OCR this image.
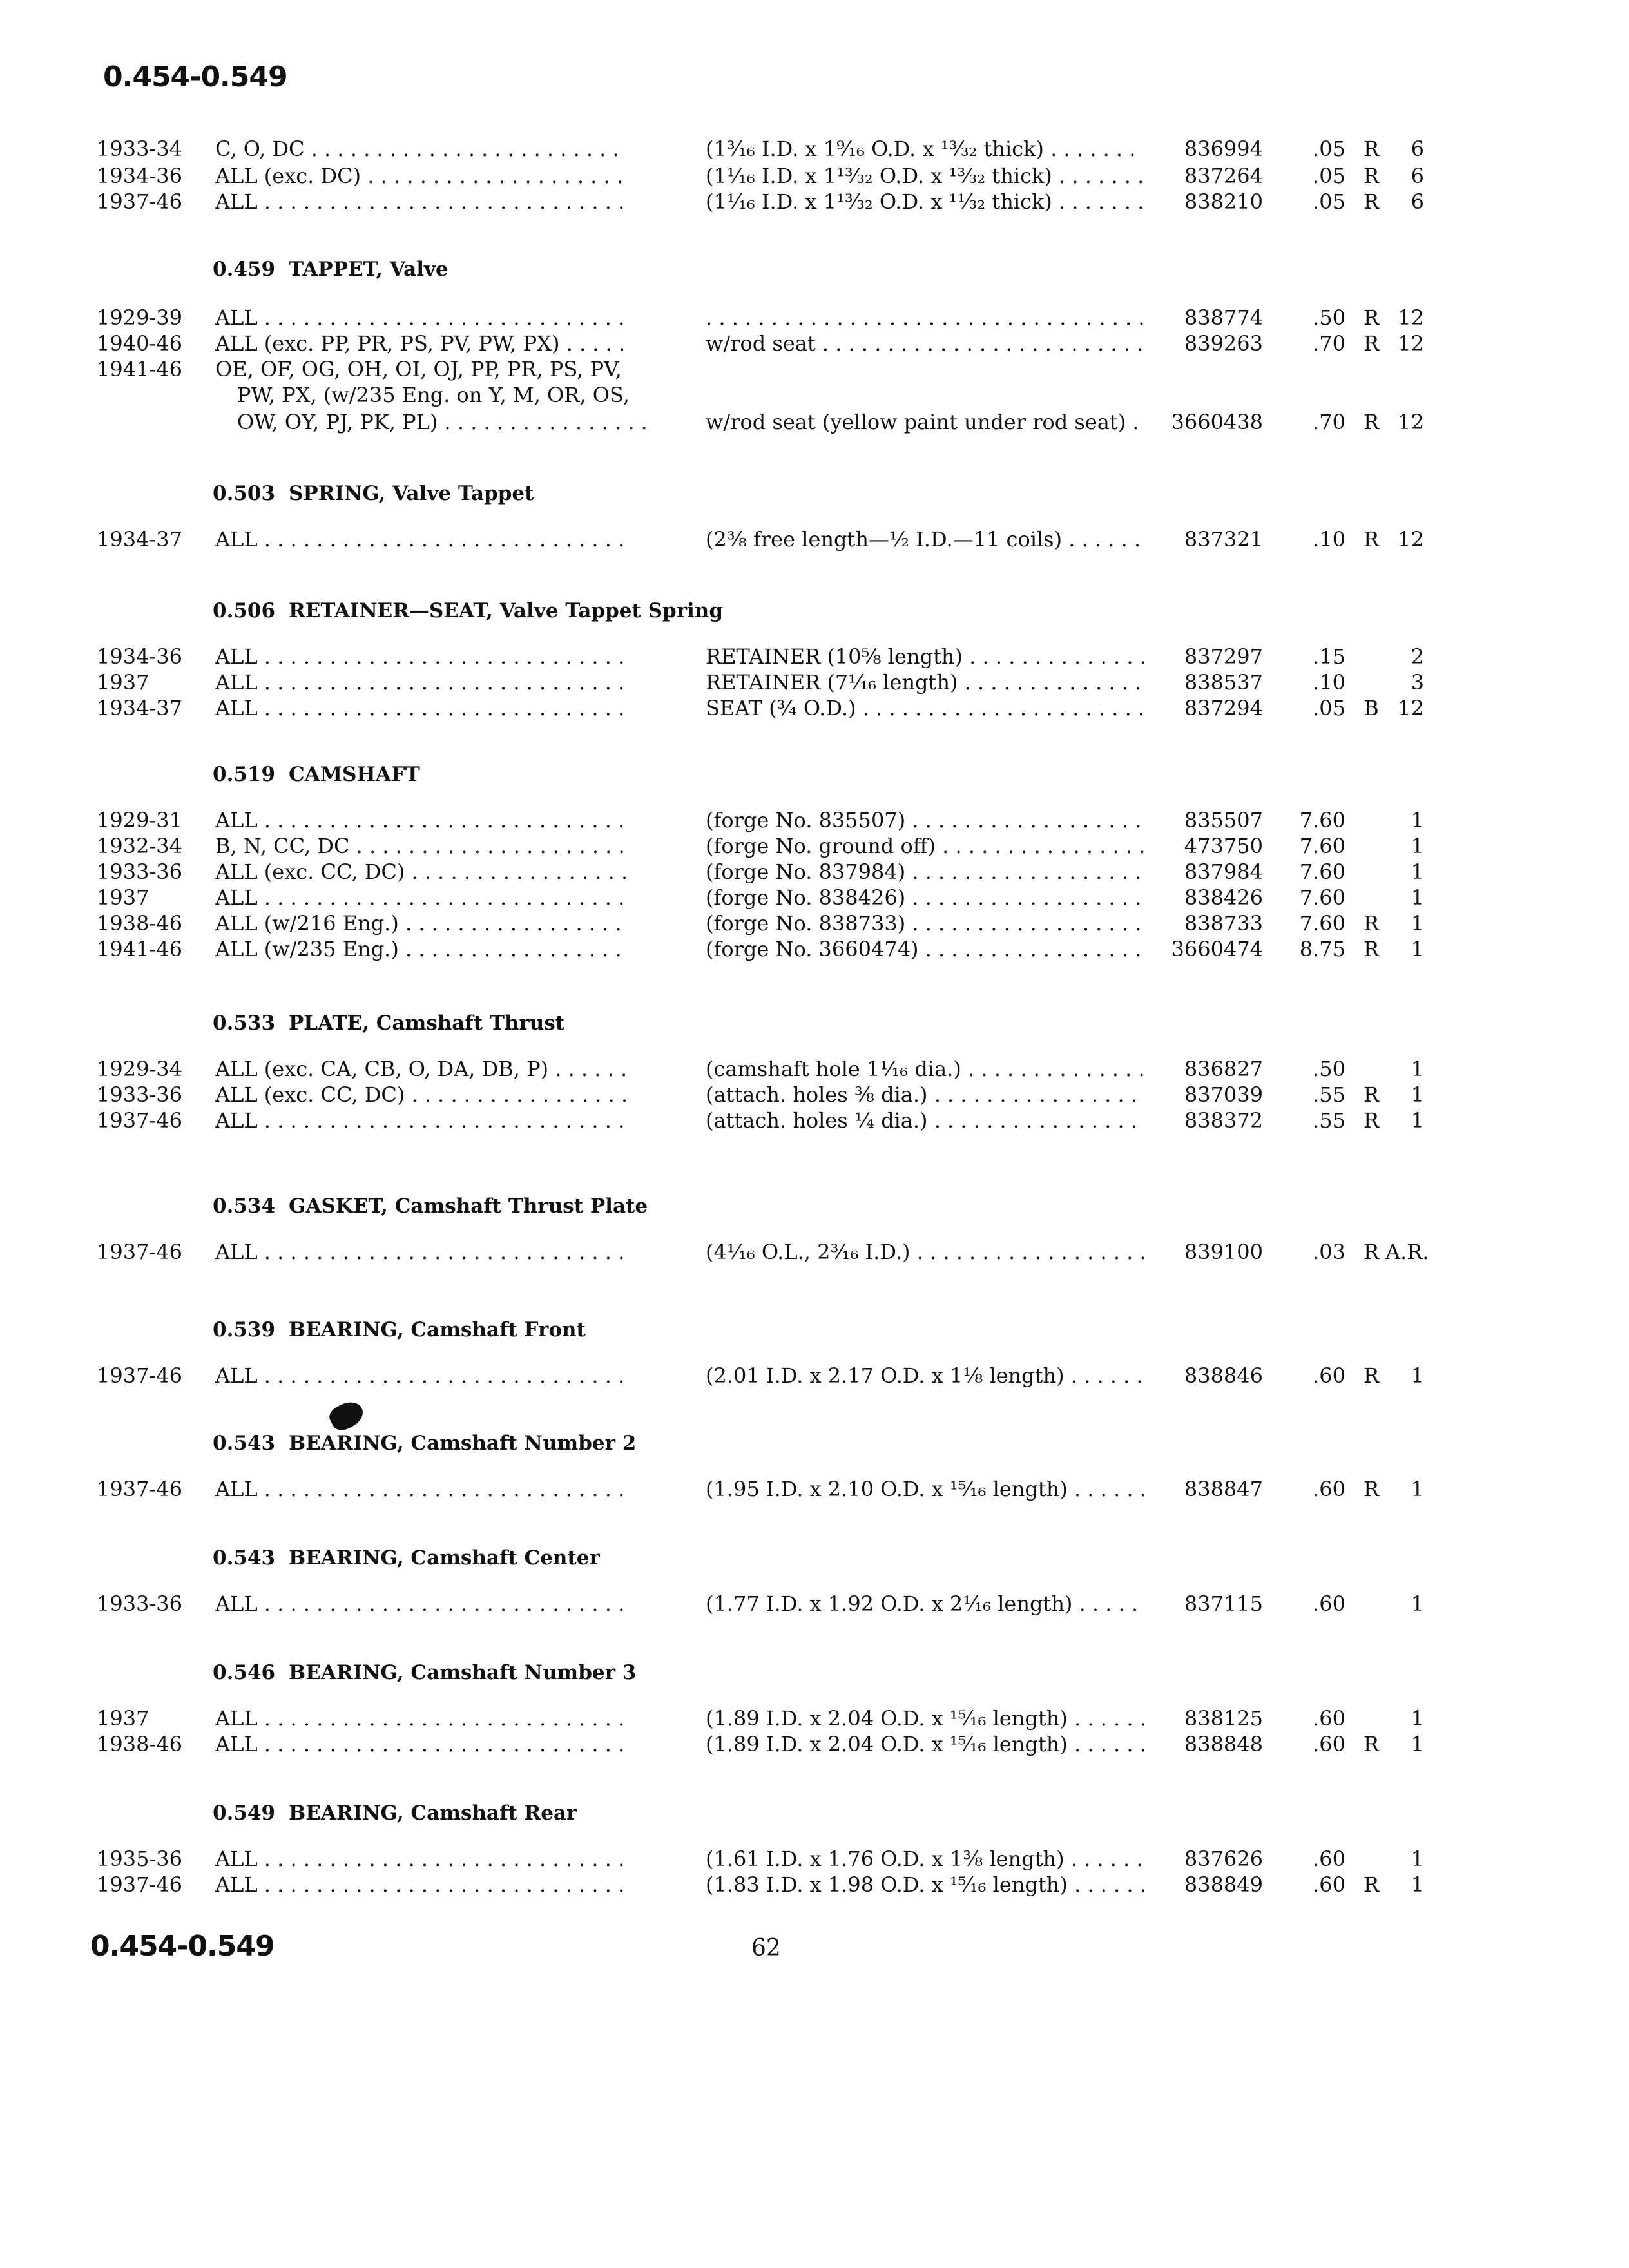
0.454-0.549
1933-34	C, O, DC . . .	(1³⁄₁₆ I.D. x 1⁹⁄₁₆ O.D. x ¹³⁄₃₂ thick) . . .	836994	.05 R	6
1934-36	ALL (exc. DC) . . .	(1¹⁄₁₆ I.D. x 1¹³⁄₃₂ O.D. x ¹³⁄₃₂ thick) . . .	837264	.05 R	6
1937-46	ALL . . .	(1¹⁄₁₆ I.D. x 1¹³⁄₃₂ O.D. x ¹¹⁄₃₂ thick) . . .	838210	.05 R	6
0.459 TAPPET, Valve
1929-39	ALL . . .
. . .	838774	.50 R 12
1940-46	ALL (exc. PP, PR, PS, PV, PW, PX) . . .	w/rod seat . . .	839263	.70 R 12
1941-46	OE, OF, OG, OH, OI, OJ, PP, PR, PS, PV,
PW, PX, (w/235 Eng. on Y, M, OR, OS,
OW, OY, PJ, PK, PL) . . .	w/rod seat (yellow paint under rod seat) . . .	3660438	.70 R 12
0.503 SPRING, Valve Tappet
1934-37	ALL . . .	(2³⁄₈ free length—½ I.D.—11 coils) . . .	837321	.10 R 12
0.506 RETAINER—SEAT, Valve Tappet Spring
1934-36	ALL . . .	RETAINER (10⁵⁄₈ length) . . .	837297	.15	2
1937	ALL . . .	RETAINER (7¹⁄₁₆ length) . . .	838537	.10	3
1934-37	ALL . . .	SEAT (¾ O.D.) . . .	837294	.05 B 12
0.519 CAMSHAFT
1929-31	ALL . . .	(forge No. 835507) . . .	835507	7.60	1
1932-34	B, N, CC, DC . . .	(forge No. ground off) . . .	473750	7.60	1
1933-36	ALL (exc. CC, DC) . . .	(forge No. 837984) . . .	837984	7.60	1
1937	ALL . . .	(forge No. 838426) . . .	838426	7.60	1
1938-46	ALL (w/216 Eng.) . . .	(forge No. 838733) . . .	838733	7.60 R	1
1941-46	ALL (w/235 Eng.) . . .	(forge No. 3660474) . . .	3660474	8.75 R	1
0.533 PLATE, Camshaft Thrust
1929-34	ALL (exc. CA, CB, O, DA, DB, P) . . .	(camshaft hole 1¹⁄₁₆ dia.) . . .	836827	.50	1
1933-36	ALL (exc. CC, DC) . . .	(attach. holes ⅜ dia.) . . .	837039	.55 R	1
1937-46	ALL . . .	(attach. holes ¼ dia.) . . .	838372	.55 R	1
0.534 GASKET, Camshaft Thrust Plate
1937-46	ALL . . .	(4¹⁄₁₆ O.L., 2³⁄₁₆ I.D.) . . .	839100	.03 R A.R.
0.539 BEARING, Camshaft Front
1937-46	ALL . . .	(2.01 I.D. x 2.17 O.D. x 1⅛ length) . . .	838846	.60 R	1
0.543 BEARING, Camshaft Number 2
1937-46	ALL . . .	(1.95 I.D. x 2.10 O.D. x ¹⁵⁄₁₆ length) . . .	838847	.60 R	1
0.543 BEARING, Camshaft Center
1933-36	ALL . . .	(1.77 I.D. x 1.92 O.D. x 2¹⁄₁₆ length) . . .	837115	.60	1
0.546 BEARING, Camshaft Number 3
1937	ALL . . .	(1.89 I.D. x 2.04 O.D. x ¹⁵⁄₁₆ length) . . .	838125	.60	1
1938-46	ALL . . .	(1.89 I.D. x 2.04 O.D. x ¹⁵⁄₁₆ length) . . .	838848	.60 R	1
0.549 BEARING, Camshaft Rear
1935-36	ALL . . .	(1.61 I.D. x 1.76 O.D. x 1⅜ length) . . .	837626	.60	1
1937-46	ALL . . .	(1.83 I.D. x 1.98 O.D. x ¹⁵⁄₁₆ length) . . .	838849	.60 R	1
0.454-0.549	62
